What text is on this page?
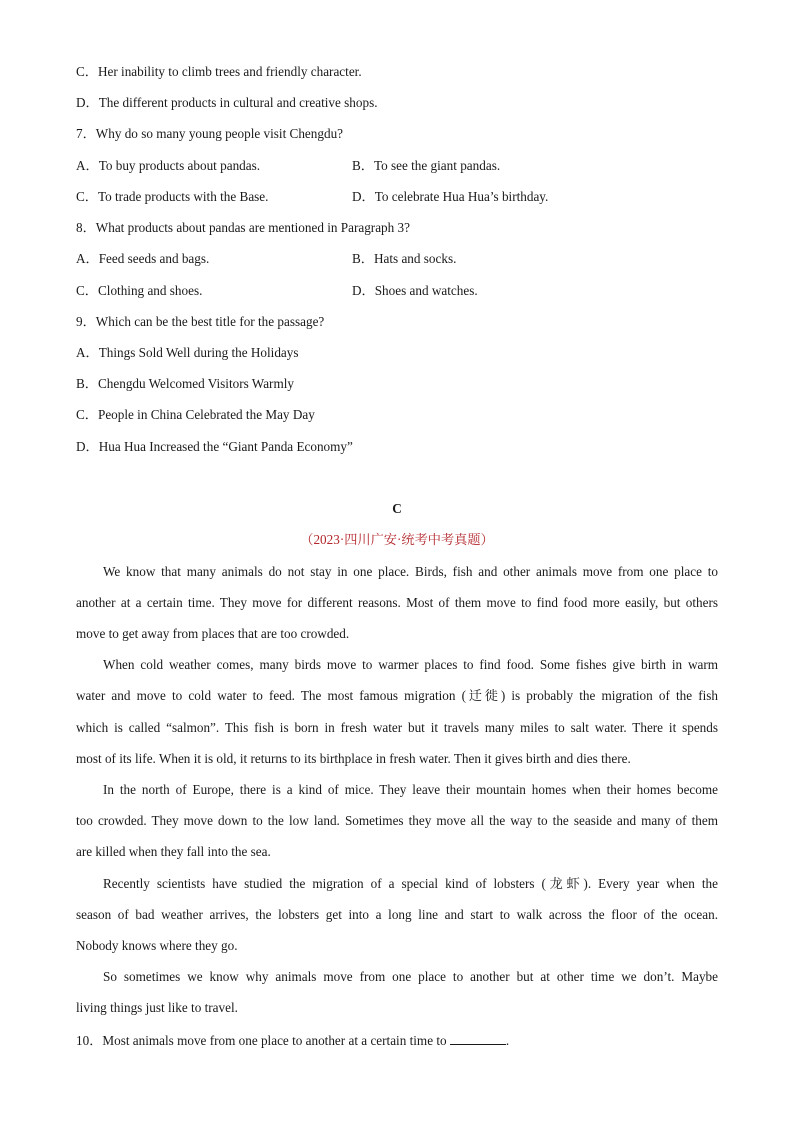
C．Her inability to climb trees and friendly character.
D．The different products in cultural and creative shops.
7．Why do so many young people visit Chengdu?
A．To buy products about pandas.	B．To see the giant pandas.
C．To trade products with the Base.	D．To celebrate Hua Hua’s birthday.
8．What products about pandas are mentioned in Paragraph 3?
A．Feed seeds and bags.	B．Hats and socks.
C．Clothing and shoes.	D．Shoes and watches.
9．Which can be the best title for the passage?
A．Things Sold Well during the Holidays
B．Chengdu Welcomed Visitors Warmly
C．People in China Celebrated the May Day
D．Hua Hua Increased the “Giant Panda Economy”
C
（2023·四川广安·统考中考真题）
We know that many animals do not stay in one place. Birds, fish and other animals move from one place to
another at a certain time. They move for different reasons. Most of them move to find food more easily, but others
move to get away from places that are too crowded.
When cold weather comes, many birds move to warmer places to find food. Some fishes give birth in warm
water and move to cold water to feed. The most famous migration (迁徙) is probably the migration of the fish
which is called “salmon”. This fish is born in fresh water but it travels many miles to salt water. There it spends
most of its life. When it is old, it returns to its birthplace in fresh water. Then it gives birth and dies there.
In the north of Europe, there is a kind of mice. They leave their mountain homes when their homes become
too crowded. They move down to the low land. Sometimes they move all the way to the seaside and many of them
are killed when they fall into the sea.
Recently scientists have studied the migration of a special kind of lobsters (龙虾). Every year when the
season of bad weather arrives, the lobsters get into a long line and start to walk across the floor of the ocean.
Nobody knows where they go.
So sometimes we know why animals move from one place to another but at other time we don’t. Maybe
living things just like to travel.
10．Most animals move from one place to another at a certain time to	.
